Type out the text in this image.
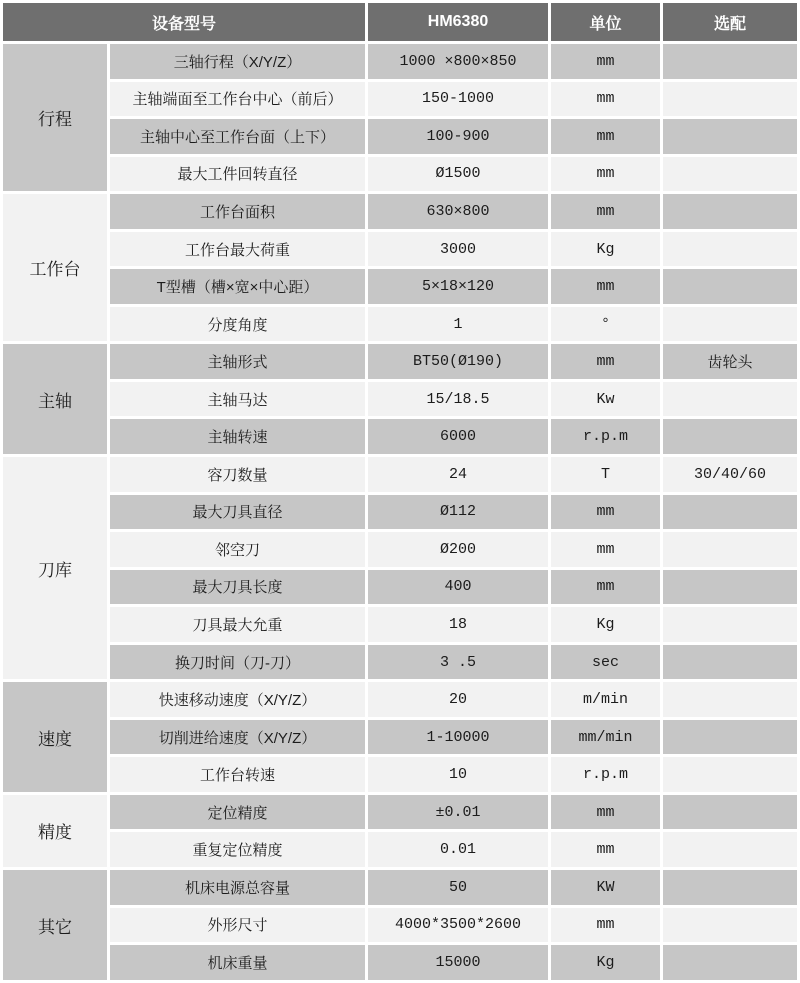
设备型号		HM6380	单位	选配
行程	三轴行程（X/Y/Z）	1000 ×800×850	mm	
	主轴端面至工作台中心（前后）	150-1000	mm	
	主轴中心至工作台面（上下）	100-900	mm	
	最大工件回转直径	Ø1500	mm	
工作台	工作台面积	630×800	mm	
	工作台最大荷重	3000	Kg	
	T型槽（槽×宽×中心距）	5×18×120	mm	
	分度角度	1	°	
主轴	主轴形式	BT50(Ø190)	mm	齿轮头
	主轴马达	15/18.5	Kw	
	主轴转速	6000	r.p.m	
刀库	容刀数量	24	T	30/40/60
	最大刀具直径	Ø112	mm	
	邻空刀	Ø200	mm	
	最大刀具长度	400	mm	
	刀具最大允重	18	Kg	
	换刀时间（刀-刀）	3 .5	sec	
速度	快速移动速度（X/Y/Z）	20	m/min	
	切削进给速度（X/Y/Z）	1-10000	mm/min	
	工作台转速	10	r.p.m	
精度	定位精度	±0.01	mm	
	重复定位精度	0.01	mm	
其它	机床电源总容量	50	KW	
	外形尺寸	4000*3500*2600	mm	
	机床重量	15000	Kg	
